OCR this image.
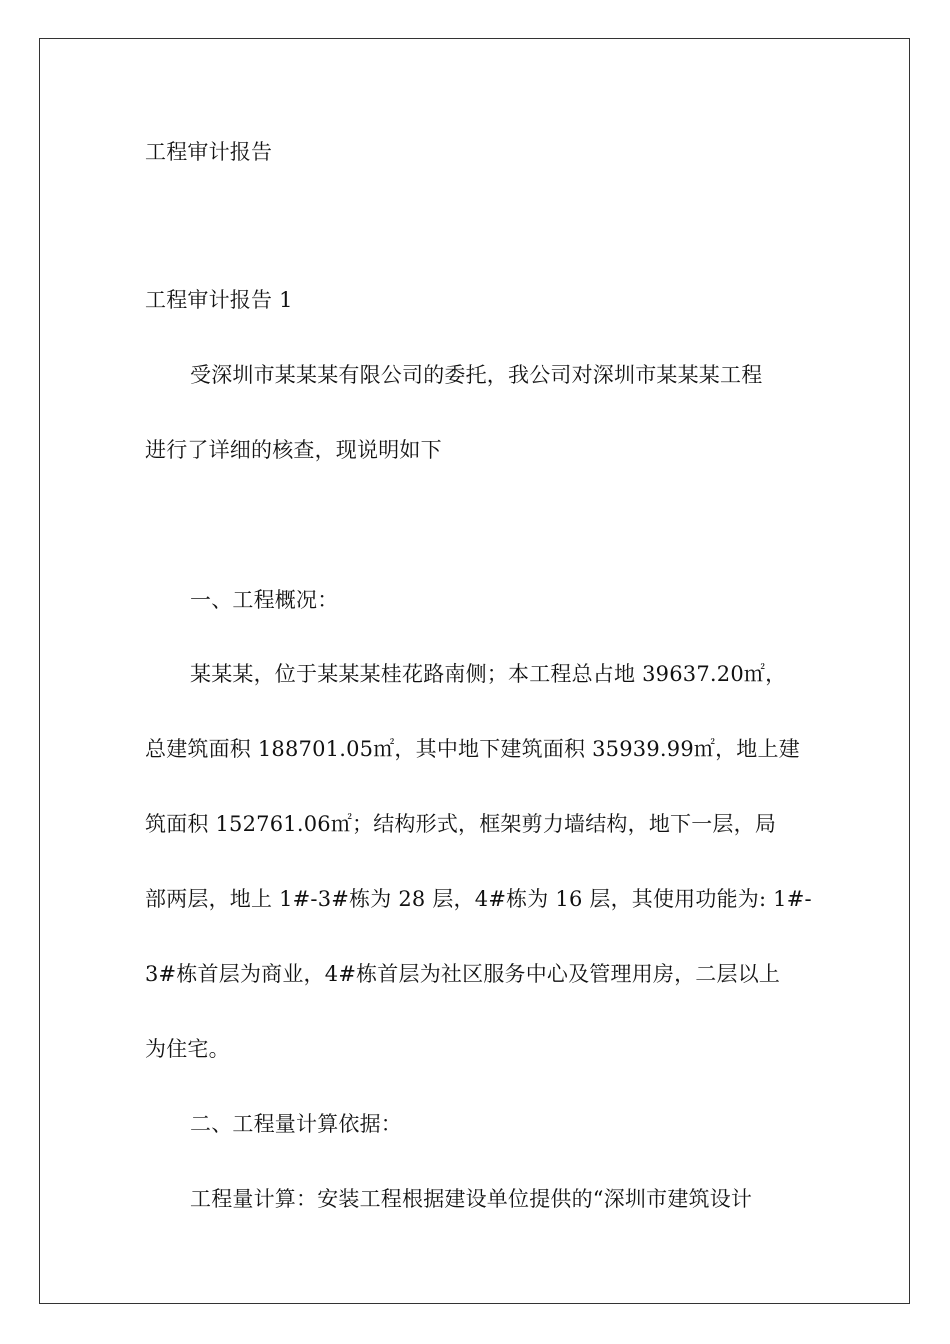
工程审计报告
工程审计报告 1
受深圳市某某某有限公司的委托，我公司对深圳市某某某工程
进行了详细的核查，现说明如下
一、工程概况：
某某某，位于某某某桂花路南侧；本工程总占地 39637.20㎡，
总建筑面积 188701.05㎡，其中地下建筑面积 35939.99㎡，地上建
筑面积 152761.06㎡；结构形式，框架剪力墙结构，地下一层，局
部两层，地上 1#-3#栋为 28 层，4#栋为 16 层，其使用功能为: 1#-
3#栋首层为商业，4#栋首层为社区服务中心及管理用房，二层以上
为住宅。
二、工程量计算依据：
工程量计算：安装工程根据建设单位提供的“深圳市建筑设计
